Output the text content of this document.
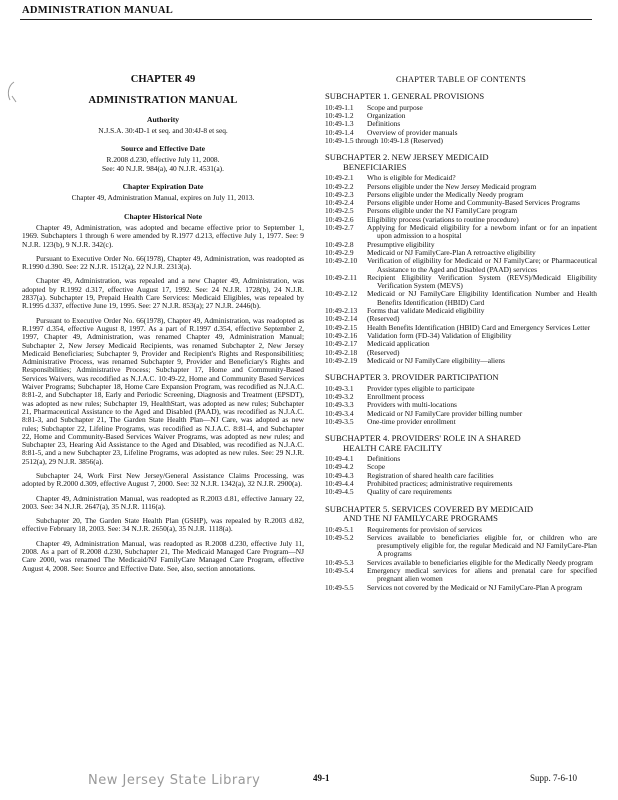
ADMINISTRATION MANUAL
CHAPTER 49
ADMINISTRATION MANUAL
Authority
N.J.S.A. 30:4D-1 et seq. and 30:4J-8 et seq.
Source and Effective Date
R.2008 d.230, effective July 11, 2008.
See: 40 N.J.R. 984(a), 40 N.J.R. 4531(a).
Chapter Expiration Date
Chapter 49, Administration Manual, expires on July 11, 2013.
Chapter Historical Note

Chapter 49, Administration, was adopted and became effective prior to September 1, 1969. Subchapters 1 through 6 were amended by R.1977 d.213, effective July 1, 1977. See: 9 N.J.R. 123(b), 9 N.J.R. 342(c).

Pursuant to Executive Order No. 66(1978), Chapter 49, Administration, was readopted as R.1990 d.390. See: 22 N.J.R. 1512(a), 22 N.J.R. 2313(a).

Chapter 49, Administration, was repealed and a new Chapter 49, Administration, was adopted by R.1992 d.317, effective August 17, 1992. See: 24 N.J.R. 1728(b), 24 N.J.R. 2837(a). Subchapter 19, Prepaid Health Care Services: Medicaid Eligibles, was repealed by R.1995 d.337, effective June 19, 1995. See: 27 N.J.R. 853(a); 27 N.J.R. 2446(b).

Pursuant to Executive Order No. 66(1978), Chapter 49, Administration, was readopted as R.1997 d.354, effective August 8, 1997. As a part of R.1997 d.354, effective September 2, 1997, Chapter 49, Administration, was renamed Chapter 49, Administration Manual; Subchapter 2, New Jersey Medicaid Recipients, was renamed Subchapter 2, New Jersey Medicaid Beneficiaries; Subchapter 9, Provider and Recipient's Rights and Responsibilities; Administrative Process, was renamed Subchapter 9, Provider and Beneficiary's Rights and Responsibilities; Administrative Process; Subchapter 17, Home and Community-Based Services Waivers, was recodified as N.J.A.C. 10:49-22, Home and Community Based Services Waiver Programs; Subchapter 18, Home Care Expansion Program, was recodified as N.J.A.C. 8:81-2, and Subchapter 18, Early and Periodic Screening, Diagnosis and Treatment (EPSDT), was adopted as new rules; Subchapter 19, HealthStart, was adopted as new rules; Subchapter 21, Pharmaceutical Assistance to the Aged and Disabled (PAAD), was recodified as N.J.A.C. 8:81-3, and Subchapter 21, The Garden State Health Plan—NJ Care, was adopted as new rules; Subchapter 22, Lifeline Programs, was recodified as N.J.A.C. 8:81-4, and Subchapter 22, Home and Community-Based Services Waiver Programs, was adopted as new rules; and Subchapter 23, Hearing Aid Assistance to the Aged and Disabled, was recodified as N.J.A.C. 8:81-5, and a new Subchapter 23, Lifeline Programs, was adopted as new rules. See: 29 N.J.R. 2512(a), 29 N.J.R. 3856(a).

Subchapter 24, Work First New Jersey/General Assistance Claims Processing, was adopted by R.2000 d.309, effective August 7, 2000. See: 32 N.J.R. 1342(a), 32 N.J.R. 2900(a).

Chapter 49, Administration Manual, was readopted as R.2003 d.81, effective January 22, 2003. See: 34 N.J.R. 2647(a), 35 N.J.R. 1116(a).

Subchapter 20, The Garden State Health Plan (GSHP), was repealed by R.2003 d.82, effective February 18, 2003. See: 34 N.J.R. 2650(a), 35 N.J.R. 1118(a).

Chapter 49, Administration Manual, was readopted as R.2008 d.230, effective July 11, 2008. As a part of R.2008 d.230, Subchapter 21, The Medicaid Managed Care Program—NJ Care 2000, was renamed The Medicaid/NJ FamilyCare Managed Care Program, effective August 4, 2008. See: Source and Effective Date. See, also, section annotations.

CHAPTER TABLE OF CONTENTS
SUBCHAPTER 1. GENERAL PROVISIONS
10:49-1.1	Scope and purpose
10:49-1.2	Organization
10:49-1.3	Definitions
10:49-1.4	Overview of provider manuals
10:49-1.5 through 10:49-1.8 (Reserved)
SUBCHAPTER 2. NEW JERSEY MEDICAID
BENEFICIARIES
10:49-2.1	Who is eligible for Medicaid?
10:49-2.2	Persons eligible under the New Jersey Medicaid program
10:49-2.3	Persons eligible under the Medically Needy program
10:49-2.4	Persons eligible under Home and Community-Based Services Programs
10:49-2.5	Persons eligible under the NJ FamilyCare program
10:49-2.6	Eligibility process (variations to routine procedure)
10:49-2.7	Applying for Medicaid eligibility for a newborn infant or for an inpatient upon admission to a hospital
10:49-2.8	Presumptive eligibility
10:49-2.9	Medicaid or NJ FamilyCare-Plan A retroactive eligibility
10:49-2.10	Verification of eligibility for Medicaid or NJ FamilyCare; or Pharmaceutical Assistance to the Aged and Disabled (PAAD) services
10:49-2.11	Recipient Eligibility Verification System (REVS)/Medicaid Eligibility Verification System (MEVS)
10:49-2.12	Medicaid or NJ FamilyCare Eligibility Identification Number and Health Benefits Identification (HBID) Card
10:49-2.13	Forms that validate Medicaid eligibility
10:49-2.14	(Reserved)
10:49-2.15	Health Benefits Identification (HBID) Card and Emergency Services Letter
10:49-2.16	Validation form (FD-34) Validation of Eligibility
10:49-2.17	Medicaid application
10:49-2.18	(Reserved)
10:49-2.19	Medicaid or NJ FamilyCare eligibility—aliens
SUBCHAPTER 3. PROVIDER PARTICIPATION
10:49-3.1	Provider types eligible to participate
10:49-3.2	Enrollment process
10:49-3.3	Providers with multi-locations
10:49-3.4	Medicaid or NJ FamilyCare provider billing number
10:49-3.5	One-time provider enrollment
SUBCHAPTER 4. PROVIDERS' ROLE IN A SHARED
HEALTH CARE FACILITY
10:49-4.1	Definitions
10:49-4.2	Scope
10:49-4.3	Registration of shared health care facilities
10:49-4.4	Prohibited practices; administrative requirements
10:49-4.5	Quality of care requirements
SUBCHAPTER 5. SERVICES COVERED BY MEDICAID
AND THE NJ FAMILYCARE PROGRAMS
10:49-5.1	Requirements for provision of services
10:49-5.2	Services available to beneficiaries eligible for, or children who are presumptively eligible for, the regular Medicaid and NJ FamilyCare-Plan A programs
10:49-5.3	Services available to beneficiaries eligible for the Medically Needy program
10:49-5.4	Emergency medical services for aliens and prenatal care for specified pregnant alien women
10:49-5.5	Services not covered by the Medicaid or NJ FamilyCare-Plan A program
New Jersey State Library	49-1	Supp. 7-6-10
